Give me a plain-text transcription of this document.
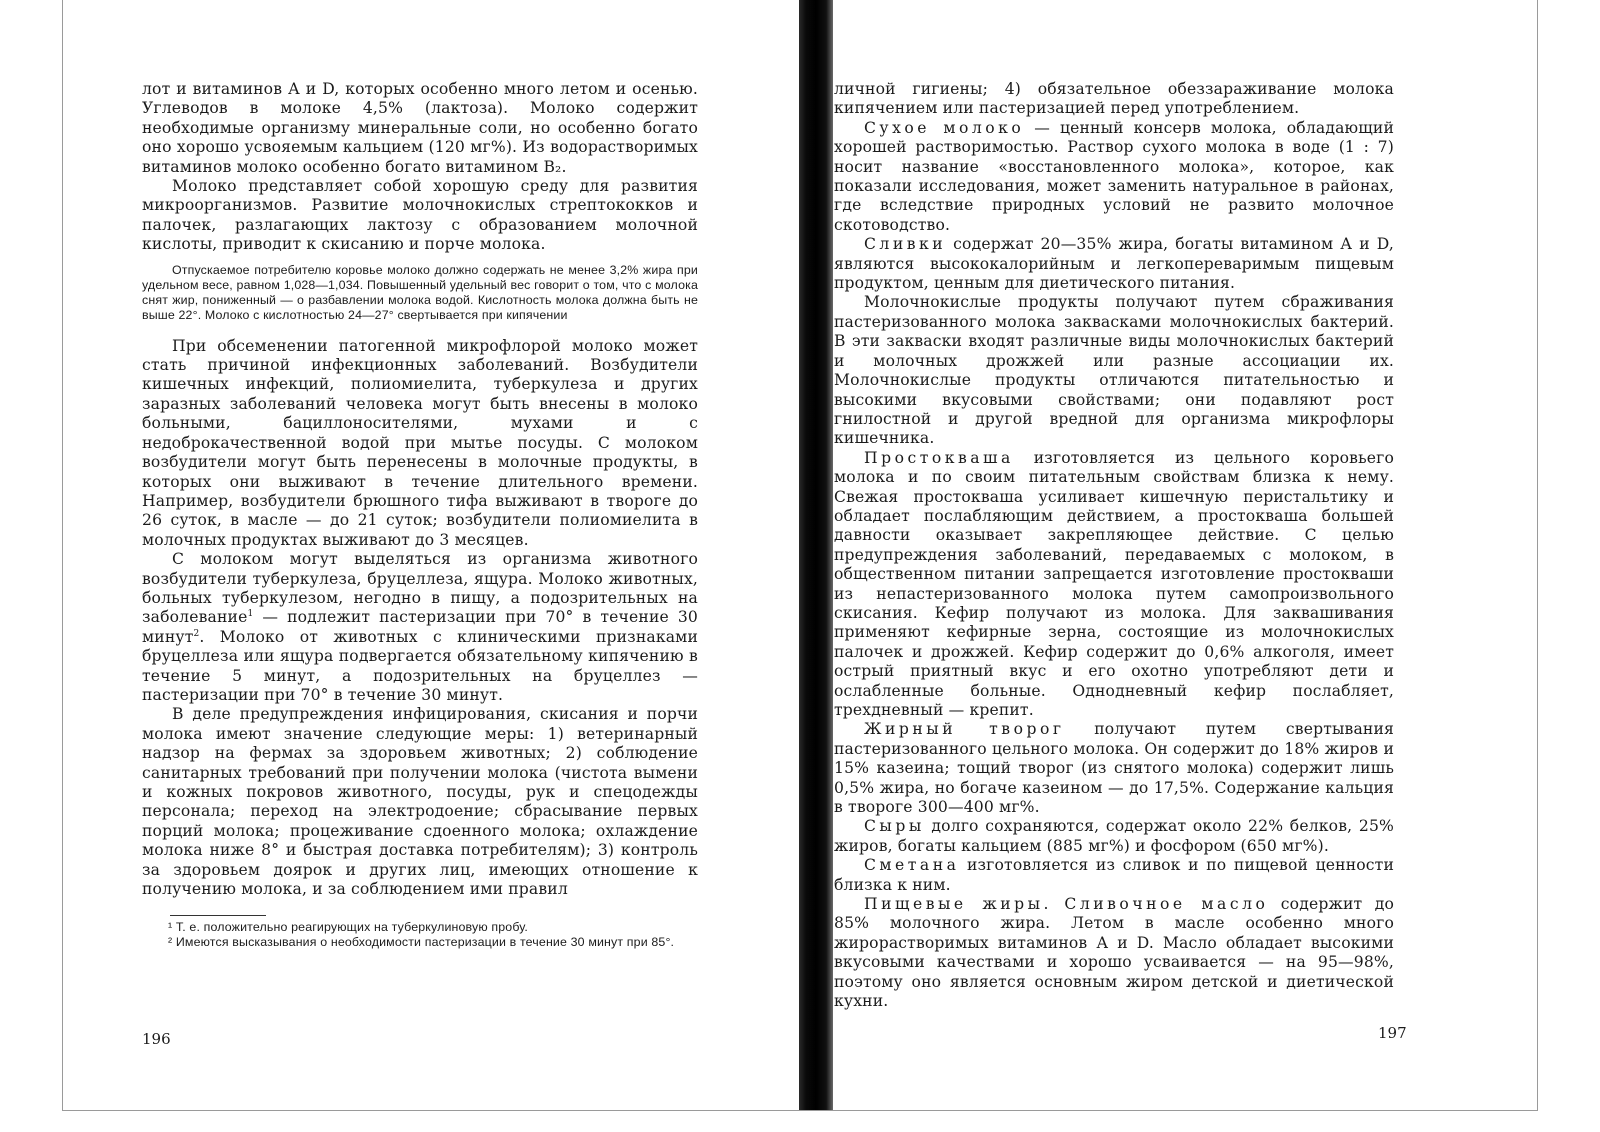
лот и витаминов А и D, которых особенно много летом и осенью. Углеводов в молоке 4,5% (лактоза). Молоко содержит необходимые организму минеральные соли, но особенно богато оно хорошо усвояемым кальцием (120 мг%). Из водорастворимых витаминов молоко особенно богато витамином B₂.

Молоко представляет собой хорошую среду для развития микроорганизмов. Развитие молочнокислых стрептококков и палочек, разлагающих лактозу с образованием молочной кислоты, приводит к скисанию и порче молока.

Отпускаемое потребителю коровье молоко должно содержать не менее 3,2% жира при удельном весе, равном 1,028—1,034. Повышенный удельный вес говорит о том, что с молока снят жир, пониженный — о разбавлении молока водой. Кислотность молока должна быть не выше 22°. Молоко с кислотностью 24—27° свертывается при кипячении

При обсеменении патогенной микрофлорой молоко может стать причиной инфекционных заболеваний. Возбудители кишечных инфекций, полиомиелита, туберкулеза и других заразных заболеваний человека могут быть внесены в молоко больными, бациллоносителями, мухами и с недоброкачественной водой при мытье посуды. С молоком возбудители могут быть перенесены в молочные продукты, в которых они выживают в течение длительного времени. Например, возбудители брюшного тифа выживают в твороге до 26 суток, в масле — до 21 суток; возбудители полиомиелита в молочных продуктах выживают до 3 месяцев.

С молоком могут выделяться из организма животного возбудители туберкулеза, бруцеллеза, ящура. Молоко животных, больных туберкулезом, негодно в пищу, а подозрительных на заболевание$^1$ — подлежит пастеризации при 70° в течение 30 минут$^2$. Молоко от животных с клиническими признаками бруцеллеза или ящура подвергается обязательному кипячению в течение 5 минут, а подозрительных на бруцеллез — пастеризации при 70° в течение 30 минут.

В деле предупреждения инфицирования, скисания и порчи молока имеют значение следующие меры: 1) ветеринарный надзор на фермах за здоровьем животных; 2) соблюдение санитарных требований при получении молока (чистота вымени и кожных покровов животного, посуды, рук и спецодежды персонала; переход на электродоение; сбрасывание первых порций молока; процеживание сдоенного молока; охлаждение молока ниже 8° и быстрая доставка потребителям); 3) контроль за здоровьем доярок и других лиц, имеющих отношение к получению молока, и за соблюдением ими правил

¹ Т. е. положительно реагирующих на туберкулиновую пробу.

² Имеются высказывания о необходимости пастеризации в течение 30 минут при 85°.

196

личной гигиены; 4) обязательное обеззараживание молока кипячением или пастеризацией перед употреблением.

Сухое молоко — ценный консерв молока, обладающий хорошей растворимостью. Раствор сухого молока в воде (1 : 7) носит название «восстановленного молока», которое, как показали исследования, может заменить натуральное в районах, где вследствие природных условий не развито молочное скотоводство.

Сливки содержат 20—35% жира, богаты витамином А и D, являются высококалорийным и легкопереваримым пищевым продуктом, ценным для диетического питания.

Молочнокислые продукты получают путем сбраживания пастеризованного молока заквасками молочнокислых бактерий. В эти закваски входят различные виды молочнокислых бактерий и молочных дрожжей или разные ассоциации их. Молочнокислые продукты отличаются питательностью и высокими вкусовыми свойствами; они подавляют рост гнилостной и другой вредной для организма микрофлоры кишечника.

Простокваша изготовляется из цельного коровьего молока и по своим питательным свойствам близка к нему. Свежая простокваша усиливает кишечную перистальтику и обладает послабляющим действием, а простокваша большей давности оказывает закрепляющее действие. С целью предупреждения заболеваний, передаваемых с молоком, в общественном питании запрещается изготовление простокваши из непастеризованного молока путем самопроизвольного скисания. Кефир получают из молока. Для заквашивания применяют кефирные зерна, состоящие из молочнокислых палочек и дрожжей. Кефир содержит до 0,6% алкоголя, имеет острый приятный вкус и его охотно употребляют дети и ослабленные больные. Однодневный кефир послабляет, трехдневный — крепит.

Жирный творог получают путем свертывания пастеризованного цельного молока. Он содержит до 18% жиров и 15% казеина; тощий творог (из снятого молока) содержит лишь 0,5% жира, но богаче казеином — до 17,5%. Содержание кальция в твороге 300—400 мг%.

Сыры долго сохраняются, содержат около 22% белков, 25% жиров, богаты кальцием (885 мг%) и фосфором (650 мг%).

Сметана изготовляется из сливок и по пищевой ценности близка к ним.

Пищевые жиры. Сливочное масло содержит до 85% молочного жира. Летом в масле особенно много жирорастворимых витаминов А и D. Масло обладает высокими вкусовыми качествами и хорошо усваивается — на 95—98%, поэтому оно является основным жиром детской и диетической кухни.

197
